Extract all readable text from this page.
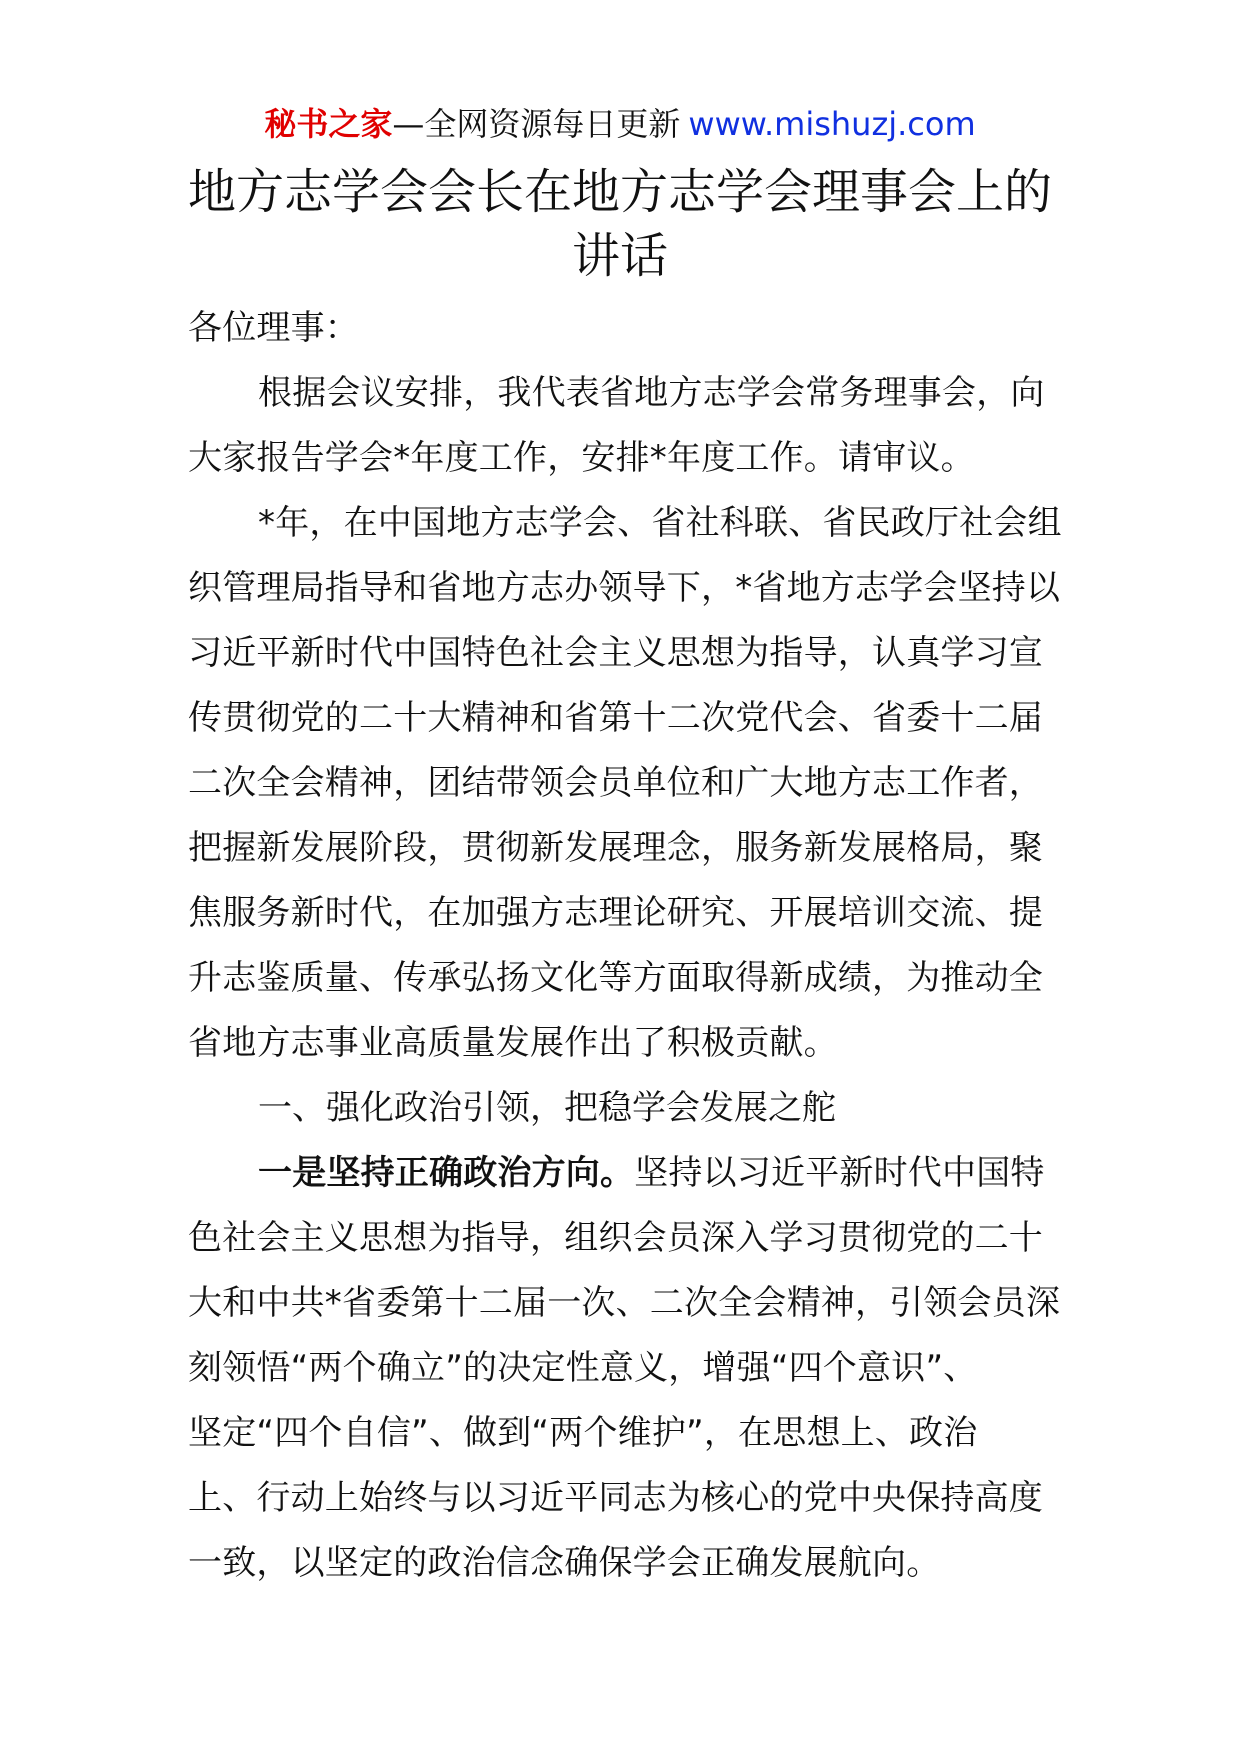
秘书之家—全网资源每日更新 www.mishuzj.com
地方志学会会长在地方志学会理事会上的
讲话
各位理事：
根据会议安排，我代表省地方志学会常务理事会，向
大家报告学会*年度工作，安排*年度工作。请审议。
*年，在中国地方志学会、省社科联、省民政厅社会组
织管理局指导和省地方志办领导下，*省地方志学会坚持以
习近平新时代中国特色社会主义思想为指导，认真学习宣
传贯彻党的二十大精神和省第十二次党代会、省委十二届
二次全会精神，团结带领会员单位和广大地方志工作者，
把握新发展阶段，贯彻新发展理念，服务新发展格局，聚
焦服务新时代，在加强方志理论研究、开展培训交流、提
升志鉴质量、传承弘扬文化等方面取得新成绩，为推动全
省地方志事业高质量发展作出了积极贡献。
一、强化政治引领，把稳学会发展之舵
一是坚持正确政治方向。坚持以习近平新时代中国特
色社会主义思想为指导，组织会员深入学习贯彻党的二十
大和中共*省委第十二届一次、二次全会精神，引领会员深
刻领悟“两个确立”的决定性意义，增强“四个意识”、
坚定“四个自信”、做到“两个维护”，在思想上、政治
上、行动上始终与以习近平同志为核心的党中央保持高度
一致，以坚定的政治信念确保学会正确发展航向。
